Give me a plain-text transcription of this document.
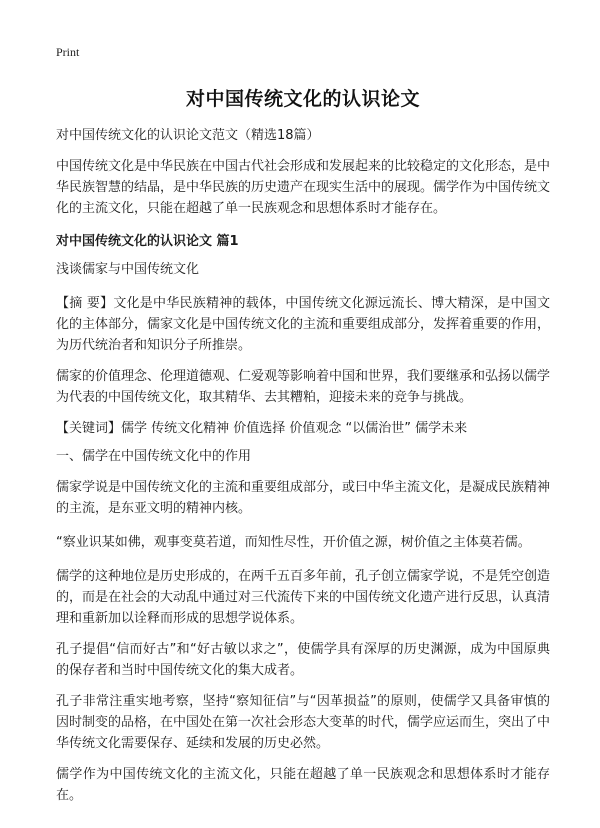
Print
对中国传统文化的认识论文

对中国传统文化的认识论文范文（精选18篇）

中国传统文化是中华民族在中国古代社会形成和发展起来的比较稳定的文化形态，是中华民族智慧的结晶，是中华民族的历史遗产在现实生活中的展现。儒学作为中国传统文化的主流文化，只能在超越了单一民族观念和思想体系时才能存在。

对中国传统文化的认识论文 篇1

浅谈儒家与中国传统文化

【摘 要】文化是中华民族精神的载体，中国传统文化源远流长、博大精深，是中国文化的主体部分，儒家文化是中国传统文化的主流和重要组成部分，发挥着重要的作用，为历代统治者和知识分子所推崇。

儒家的价值理念、伦理道德观、仁爱观等影响着中国和世界，我们要继承和弘扬以儒学为代表的中国传统文化，取其精华、去其糟粕，迎接未来的竞争与挑战。

【关键词】儒学 传统文化精神 价值选择 价值观念 “以儒治世” 儒学未来

一、儒学在中国传统文化中的作用

儒家学说是中国传统文化的主流和重要组成部分，或曰中华主流文化，是凝成民族精神的主流，是东亚文明的精神内核。

“察业识某如佛，观事变莫若道，而知性尽性，开价值之源，树价值之主体莫若儒。

儒学的这种地位是历史形成的，在两千五百多年前，孔子创立儒家学说，不是凭空创造的，而是在社会的大动乱中通过对三代流传下来的中国传统文化遗产进行反思，认真清理和重新加以诠释而形成的思想学说体系。

孔子提倡“信而好古”和“好古敏以求之”，使儒学具有深厚的历史渊源，成为中国原典的保存者和当时中国传统文化的集大成者。

孔子非常注重实地考察，坚持“察知征信”与“因革损益”的原则，使儒学又具备审慎的因时制变的品格，在中国处在第一次社会形态大变革的时代，儒学应运而生，突出了中华传统文化需要保存、延续和发展的历史必然。

儒学作为中国传统文化的主流文化，只能在超越了单一民族观念和思想体系时才能存在。
